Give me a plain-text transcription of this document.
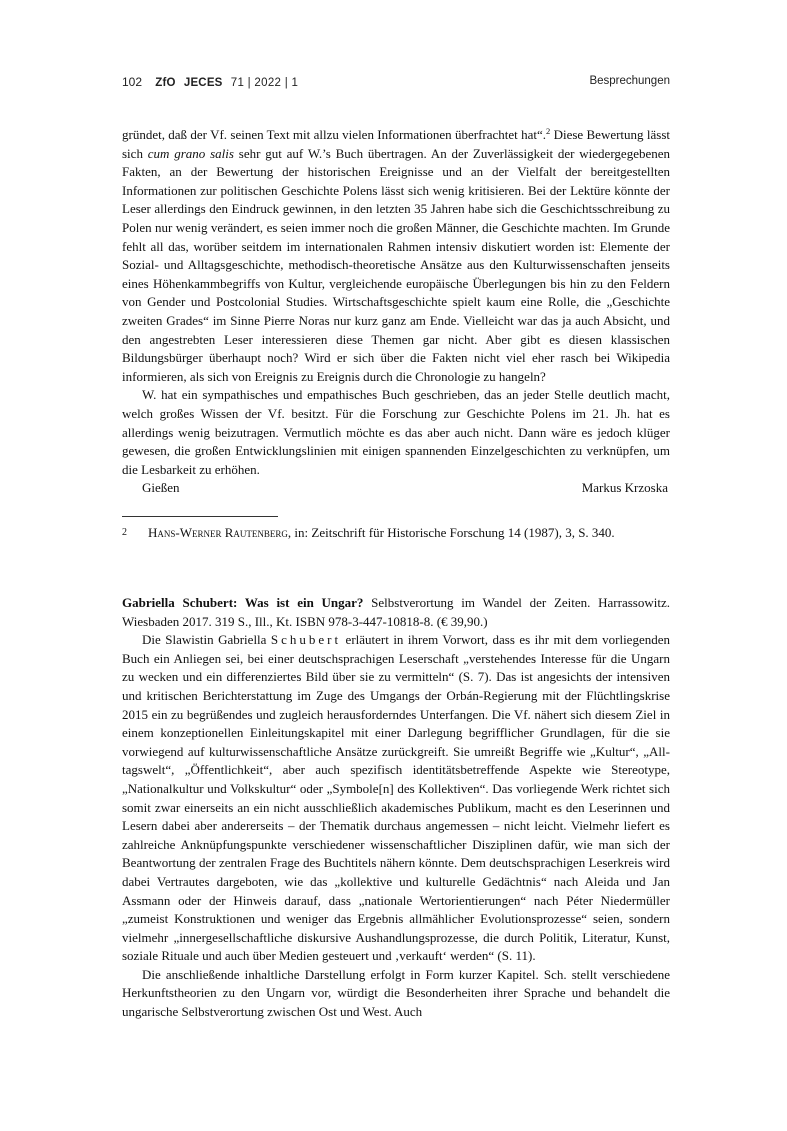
102 ZfO JECES 71 | 2022 | 1	Besprechungen

gründet, daß der Vf. seinen Text mit allzu vielen Informationen überfrachtet hat“.$^2$ Diese Bewertung lässt sich cum grano salis sehr gut auf W.’s Buch übertragen. An der Zuverlässigkeit der wiedergegebenen Fakten, an der Bewertung der historischen Ereignisse und an der Vielfalt der bereitgestellten Informationen zur politischen Geschichte Polens lässt sich wenig kritisieren. Bei der Lektüre könnte der Leser allerdings den Eindruck gewinnen, in den letzten 35 Jahren habe sich die Geschichtsschreibung zu Polen nur wenig verändert, es seien immer noch die großen Männer, die Geschichte machten. Im Grunde fehlt all das, worüber seitdem im internationalen Rahmen intensiv diskutiert worden ist: Elemente der Sozial- und Alltagsgeschichte, methodisch-theoretische Ansätze aus den Kulturwissenschaften jenseits eines Höhenkammbegriffs von Kultur, vergleichende europäische Überlegungen bis hin zu den Feldern von Gender und Postcolonial Studies. Wirtschaftsgeschichte spielt kaum eine Rolle, die „Geschichte zweiten Grades“ im Sinne Pierre Noras nur kurz ganz am Ende. Vielleicht war das ja auch Absicht, und den angestrebten Leser interessieren diese Themen gar nicht. Aber gibt es diesen klassischen Bildungsbürger überhaupt noch? Wird er sich über die Fakten nicht viel eher rasch bei Wikipedia informieren, als sich von Ereignis zu Ereignis durch die Chronologie zu hangeln?

W. hat ein sympathisches und empathisches Buch geschrieben, das an jeder Stelle deutlich macht, welch großes Wissen der Vf. besitzt. Für die Forschung zur Geschichte Polens im 21. Jh. hat es allerdings wenig beizutragen. Vermutlich möchte es das aber auch nicht. Dann wäre es jedoch klüger gewesen, die großen Entwicklungslinien mit einigen spannenden Einzelgeschichten zu verknüpfen, um die Lesbarkeit zu erhöhen.

Gießen	Markus Krzoska
2 Hans-Werner Rautenberg, in: Zeitschrift für Historische Forschung 14 (1987), 3, S. 340.

Gabriella Schubert: Was ist ein Ungar? Selbstverortung im Wandel der Zeiten. Harrassowitz. Wiesbaden 2017. 319 S., Ill., Kt. ISBN 978-3-447-10818-8. (€ 39,90.)

Die Slawistin Gabriella Schubert erläutert in ihrem Vorwort, dass es ihr mit dem vorliegenden Buch ein Anliegen sei, bei einer deutschsprachigen Leserschaft „verstehendes Interesse für die Ungarn zu wecken und ein differenziertes Bild über sie zu vermitteln“ (S. 7). Das ist angesichts der intensiven und kritischen Berichterstattung im Zuge des Umgangs der Orbán-Regierung mit der Flüchtlingskrise 2015 ein zu begrüßendes und zugleich herausforderndes Unterfangen. Die Vf. nähert sich diesem Ziel in einem konzeptionellen Einleitungskapitel mit einer Darlegung begrifflicher Grundlagen, für die sie vorwiegend auf kulturwissenschaftliche Ansätze zurückgreift. Sie umreißt Begriffe wie „Kultur“, „Alltagswelt“, „Öffentlichkeit“, aber auch spezifisch identitätsbetreffende Aspekte wie Stereotype, „Nationalkultur und Volkskultur“ oder „Symbole[n] des Kollektiven“. Das vorliegende Werk richtet sich somit zwar einerseits an ein nicht ausschließlich akademisches Publikum, macht es den Leserinnen und Lesern dabei aber andererseits – der Thematik durchaus angemessen – nicht leicht. Vielmehr liefert es zahlreiche Anknüpfungspunkte verschiedener wissenschaftlicher Disziplinen dafür, wie man sich der Beantwortung der zentralen Frage des Buchtitels nähern könnte. Dem deutschsprachigen Leserkreis wird dabei Vertrautes dargeboten, wie das „kollektive und kulturelle Gedächtnis“ nach Aleida und Jan Assmann oder der Hinweis darauf, dass „nationale Wertorientierungen“ nach Péter Niedermüller „zumeist Konstruktionen und weniger das Ergebnis allmählicher Evolutionsprozesse“ seien, sondern vielmehr „innergesellschaftliche diskursive Aushandlungsprozesse, die durch Politik, Literatur, Kunst, soziale Rituale und auch über Medien gesteuert und ‚verkauft‘ werden“ (S. 11).

Die anschließende inhaltliche Darstellung erfolgt in Form kurzer Kapitel. Sch. stellt verschiedene Herkunftstheorien zu den Ungarn vor, würdigt die Besonderheiten ihrer Sprache und behandelt die ungarische Selbstverortung zwischen Ost und West. Auch
